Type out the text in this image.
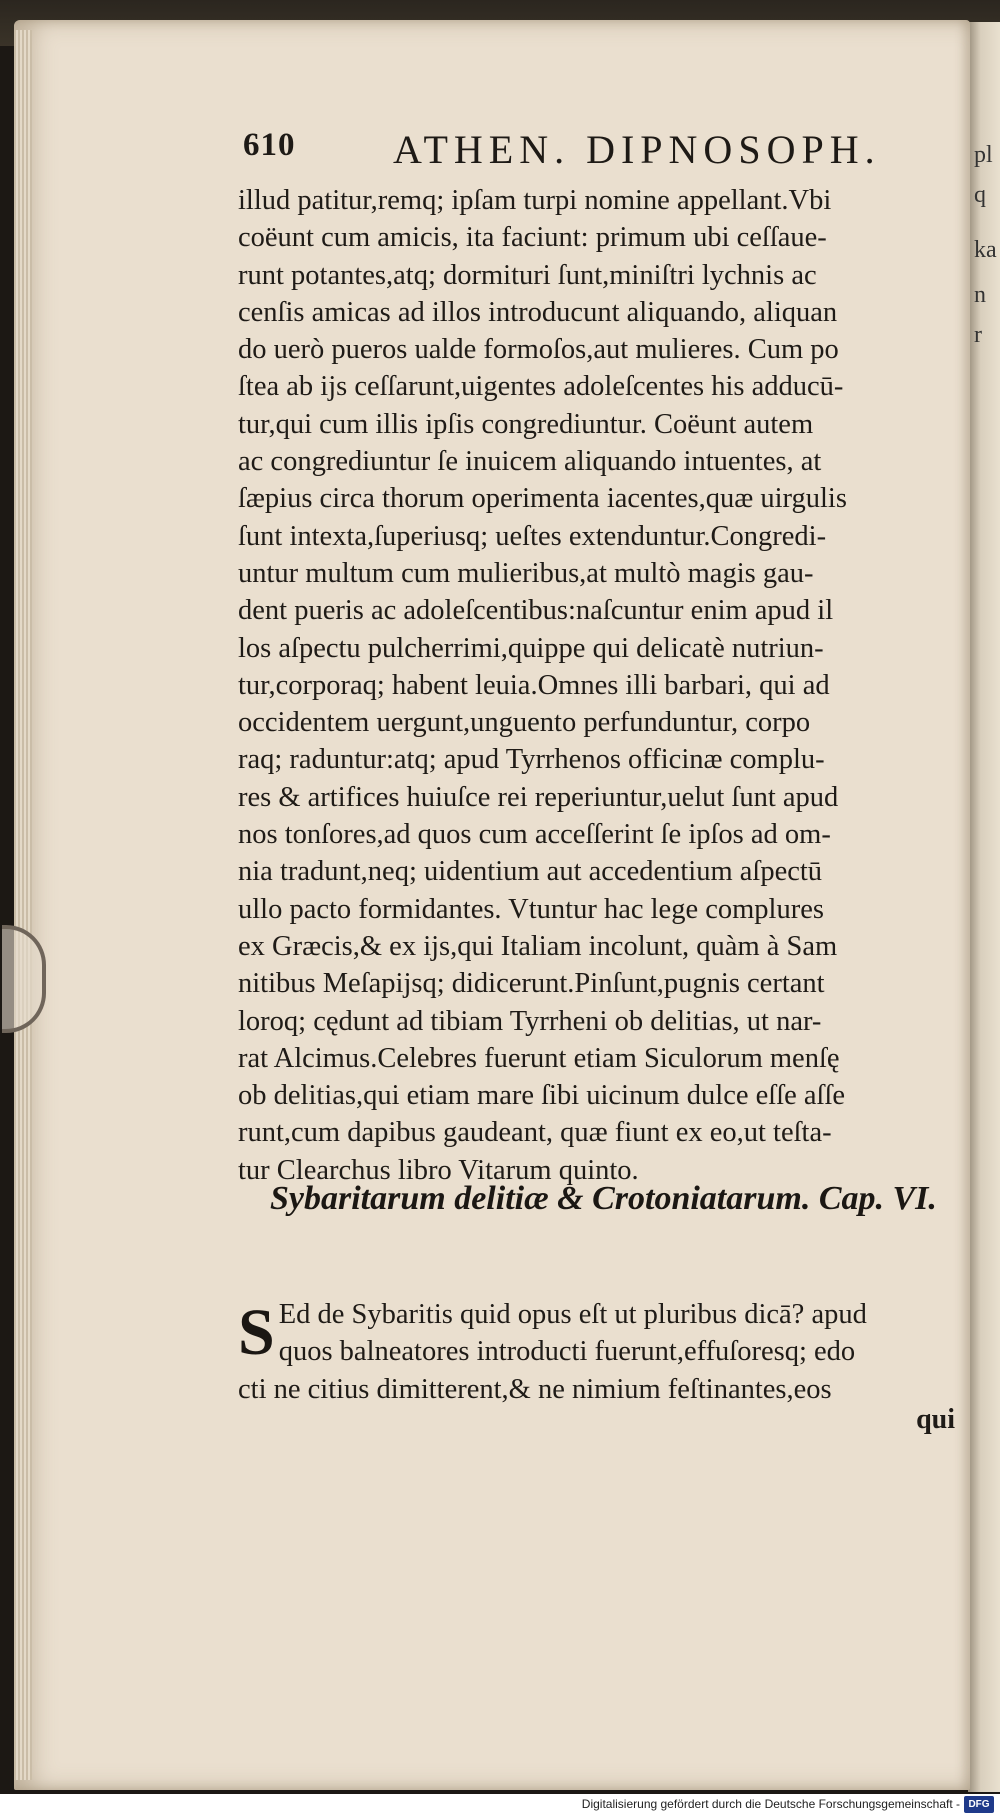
pl
q
ka
n
r
610 ATHEN. DIPNOSOPH.
illud patitur,remq; ipſam turpi nomine appellant.Vbi
coëunt cum amicis, ita faciunt: primum ubi ceſſaue-
runt potantes,atq; dormituri ſunt,miniſtri lychnis ac
cenſis amicas ad illos introducunt aliquando, aliquan
do uerò pueros ualde formoſos,aut mulieres. Cum po
ſtea ab ijs ceſſarunt,uigentes adoleſcentes his adducū-
tur,qui cum illis ipſis congrediuntur. Coëunt autem
ac congrediuntur ſe inuicem aliquando intuentes, at
ſæpius circa thorum operimenta iacentes,quæ uirgulis
ſunt intexta,ſuperiusq; ueſtes extenduntur.Congredi-
untur multum cum mulieribus,at multò magis gau-
dent pueris ac adoleſcentibus:naſcuntur enim apud il
los aſpectu pulcherrimi,quippe qui delicatè nutriun-
tur,corporaq; habent leuia.Omnes illi barbari, qui ad
occidentem uergunt,unguento perfunduntur, corpo
raq; raduntur:atq; apud Tyrrhenos officinæ complu-
res & artifices huiuſce rei reperiuntur,uelut ſunt apud
nos tonſores,ad quos cum acceſſerint ſe ipſos ad om-
nia tradunt,neq; uidentium aut accedentium aſpectū
ullo pacto formidantes. Vtuntur hac lege complures
ex Græcis,& ex ijs,qui Italiam incolunt, quàm à Sam
nitibus Meſapijsq; didicerunt.Pinſunt,pugnis certant
loroq; cędunt ad tibiam Tyrrheni ob delitias, ut nar-
rat Alcimus.Celebres fuerunt etiam Siculorum menſę
ob delitias,qui etiam mare ſibi uicinum dulce eſſe aſſe
runt,cum dapibus gaudeant, quæ fiunt ex eo,ut teſta-
tur Clearchus libro Vitarum quinto.
Sybaritarum delitiæ & Crotoniatarum. Cap. VI.
S Ed de Sybaritis quid opus eſt ut pluribus dicā? apud
quos balneatores introducti fuerunt,effuſoresq; edo
cti ne citius dimitterent,& ne nimium feſtinantes,eos
qui
Digitalisierung gefördert durch die Deutsche Forschungsgemeinschaft - DFG
